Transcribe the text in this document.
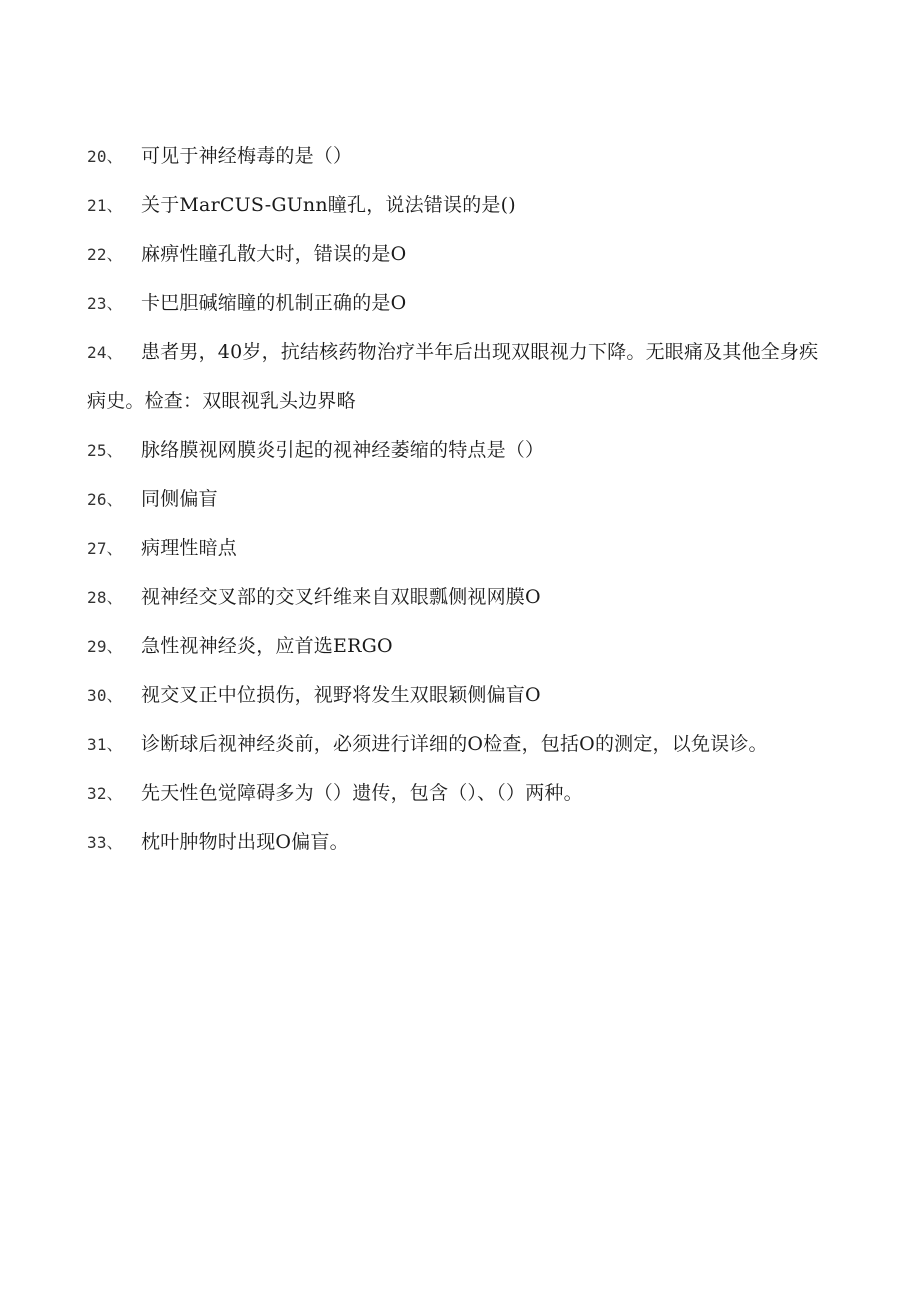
20、 可见于神经梅毒的是（）

21、 关于MarCUS-GUnn瞳孔，说法错误的是()

22、 麻痹性瞳孔散大时，错误的是O

23、 卡巴胆碱缩瞳的机制正确的是O

24、 患者男，40岁，抗结核药物治疗半年后出现双眼视力下降。无眼痛及其他全身疾病史。检查：双眼视乳头边界略

25、 脉络膜视网膜炎引起的视神经萎缩的特点是（）

26、 同侧偏盲

27、 病理性暗点

28、 视神经交叉部的交叉纤维来自双眼瓢侧视网膜O

29、 急性视神经炎，应首选ERGO

30、 视交叉正中位损伤，视野将发生双眼颖侧偏盲O

31、 诊断球后视神经炎前，必须进行详细的O检查，包括O的测定，以免误诊。

32、 先天性色觉障碍多为（）遗传，包含（）、（）两种。

33、 枕叶肿物时出现O偏盲。
